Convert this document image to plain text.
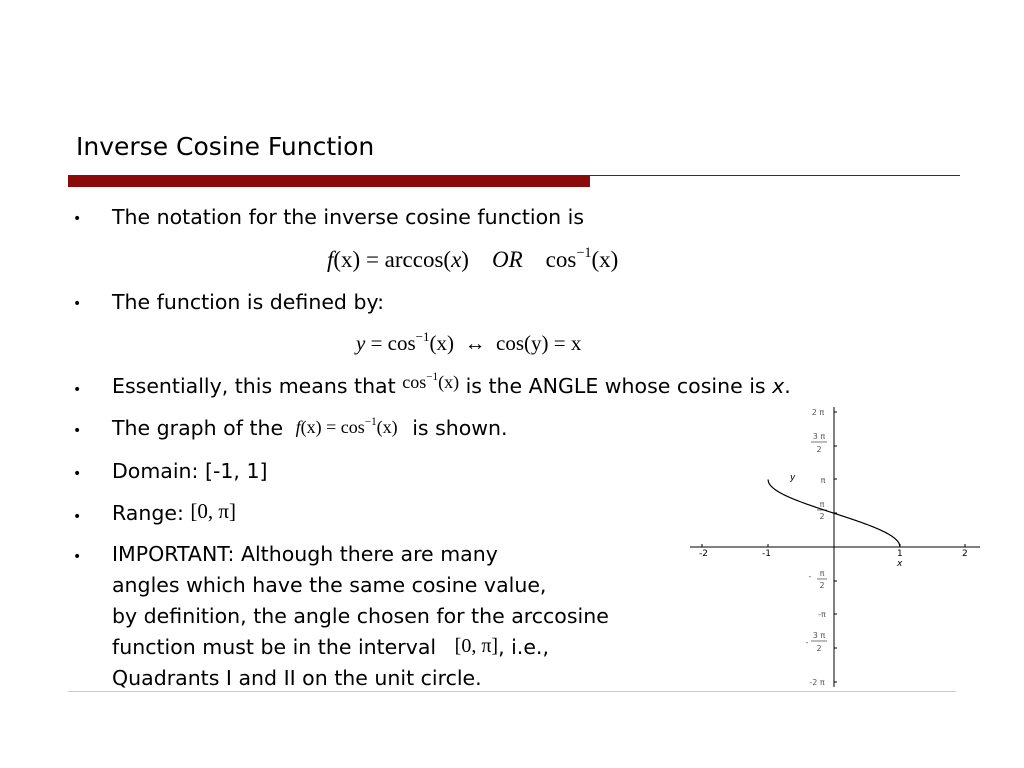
Inverse Cosine Function
• The notation for the inverse cosine function is
f(x) = arccos(x) OR $\cos^{-1}(x)$
• The function is defined by:
$y = \cos^{-1}(x)$ ↔ cos(y) = x
• Essentially, this means that $\cos^{-1}(x)$ is the ANGLE whose cosine is x.
• The graph of the $f(x) = \cos^{-1}(x)$ is shown.
• Domain: [-1, 1]
• Range: [0, π]
• IMPORTANT: Although there are many
angles which have the same cosine value,
by definition, the angle chosen for the arccosine
function must be in the interval [0, π], i.e.,
Quadrants I and II on the unit circle.
-2	-1	1	2
x
y
2 π
3 π
2
π
π
2
- π
2
-π
-
3 π
2
-2 π
